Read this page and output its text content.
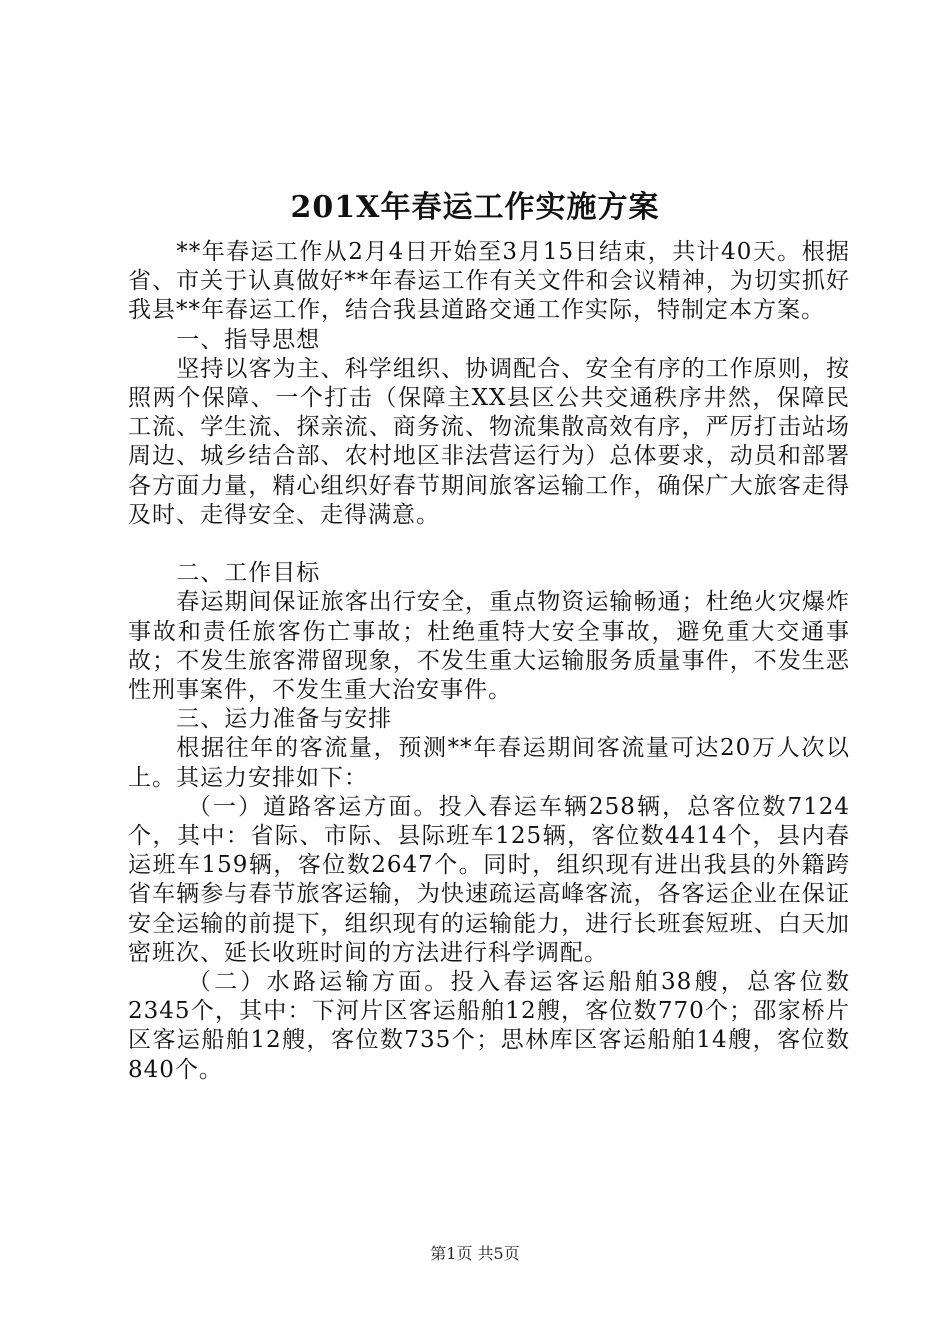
201X年春运工作实施方案

**年春运工作从2月4日开始至3月15日结束，共计40天。根据省、市关于认真做好**年春运工作有关文件和会议精神，为切实抓好我县**年春运工作，结合我县道路交通工作实际，特制定本方案。

一、指导思想

坚持以客为主、科学组织、协调配合、安全有序的工作原则，按照两个保障、一个打击（保障主XX县区公共交通秩序井然，保障民工流、学生流、探亲流、商务流、物流集散高效有序，严厉打击站场周边、城乡结合部、农村地区非法营运行为）总体要求，动员和部署各方面力量，精心组织好春节期间旅客运输工作，确保广大旅客走得及时、走得安全、走得满意。

二、工作目标

春运期间保证旅客出行安全，重点物资运输畅通；杜绝火灾爆炸事故和责任旅客伤亡事故；杜绝重特大安全事故，避免重大交通事故；不发生旅客滞留现象，不发生重大运输服务质量事件，不发生恶性刑事案件，不发生重大治安事件。

三、运力准备与安排

根据往年的客流量，预测**年春运期间客流量可达20万人次以上。其运力安排如下：

（一）道路客运方面。投入春运车辆258辆，总客位数7124个，其中：省际、市际、县际班车125辆，客位数4414个，县内春运班车159辆，客位数2647个。同时，组织现有进出我县的外籍跨省车辆参与春节旅客运输，为快速疏运高峰客流，各客运企业在保证安全运输的前提下，组织现有的运输能力，进行长班套短班、白天加密班次、延长收班时间的方法进行科学调配。

（二）水路运输方面。投入春运客运船舶38艘，总客位数2345个，其中：下河片区客运船舶12艘，客位数770个；邵家桥片区客运船舶12艘，客位数735个；思林库区客运船舶14艘，客位数840个。

第1页 共5页
